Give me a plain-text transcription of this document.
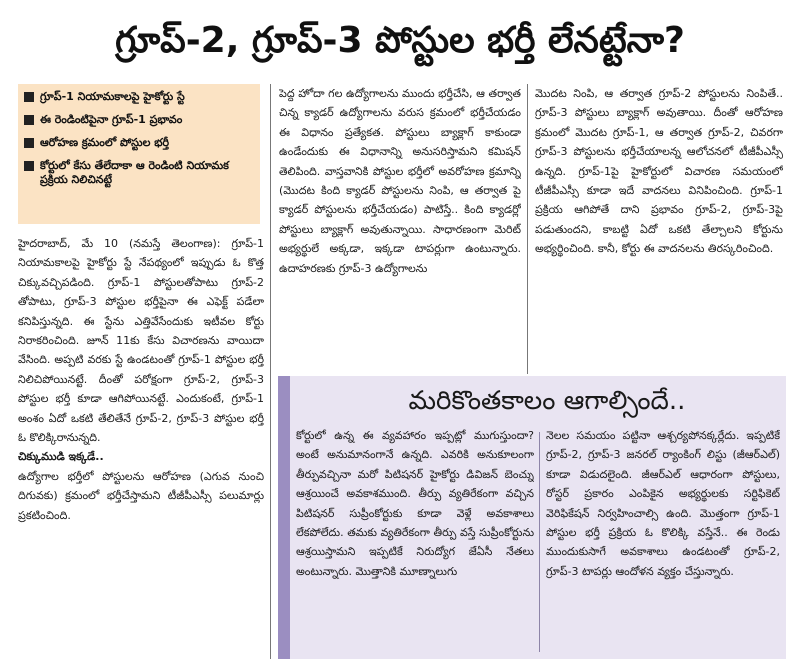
గ్రూప్-2, గ్రూప్-3 పోస్టుల భర్తీ లేనట్టేనా?
గ్రూప్-1 నియామకాలపై హైకోర్టు స్టే
ఈ రెండింటిపైనా గ్రూప్-1 ప్రభావం
ఆరోహణ క్రమంలో పోస్టుల భర్తీ
కోర్టులో కేసు తేలేదాకా ఆ రెండింటి నియామక ప్రక్రియ నిలిచినట్టే

హైదరాబాద్, మే 10 (నమస్తే తెలంగాణ): గ్రూప్-1 నియామకాలపై హైకోర్టు స్టే నేపథ్యంలో ఇప్పుడు ఓ కొత్త చిక్కువచ్చిపడింది. గ్రూప్-1 పోస్టులతోపాటు గ్రూప్-2 తోపాటు, గ్రూప్-3 పోస్టుల భర్తీపైనా ఈ ఎఫెక్ట్ పడేలా కనిపిస్తున్నది. ఈ స్టేను ఎత్తివేసేందుకు ఇటీవల కోర్టు నిరాకరించింది. జూన్ 11కు కేసు విచారణను వాయిదా వేసింది. అప్పటి వరకు స్టే ఉండటంతో గ్రూప్-1 పోస్టుల భర్తీ నిలిచిపోయినట్టే. దీంతో పరోక్షంగా గ్రూప్-2, గ్రూప్-3 పోస్టుల భర్తీ కూడా ఆగిపోయినట్టే. ఎందుకంటే, గ్రూప్-1 అంశం ఏదో ఒకటి తేలితేనే గ్రూప్-2, గ్రూప్-3 పోస్టుల భర్తీ ఓ కొలిక్కిరానున్నది.

చిక్కుముడి ఇక్కడే..

ఉద్యోగాల భర్తీలో పోస్టులను ఆరోహణ (ఎగువ నుంచి దిగువకు) క్రమంలో భర్తీచేస్తామని టీజీపీఎస్సీ పలుమార్లు ప్రకటించింది.

పెద్ద హోదా గల ఉద్యోగాలను ముందు భర్తీచేసి, ఆ తర్వాత చిన్న క్యాడర్ ఉద్యోగాలను వరుస క్రమంలో భర్తీచేయడం ఈ విధానం ప్రత్యేకత. పోస్టులు బ్యాక్లాగ్ కాకుండా ఉండేందుకు ఈ విధానాన్ని అనుసరిస్తామని కమిషన్ తెలిపింది. వాస్తవానికి పోస్టుల భర్తీలో అవరోహణ క్రమాన్ని (మొదట కింది క్యాడర్ పోస్టులను నింపి, ఆ తర్వాత పై క్యాడర్ పోస్టులను భర్తీచేయడం) పాటిస్తే.. కింది క్యాడర్లో పోస్టులు బ్యాక్లాగ్ అవుతున్నాయి. సాధారణంగా మెరిట్ అభ్యర్థులే అక్కడా, ఇక్కడా టాపర్లుగా ఉంటున్నారు. ఉదాహరణకు గ్రూప్-3 ఉద్యోగాలను

మొదట నింపి, ఆ తర్వాత గ్రూప్-2 పోస్టులను నింపితే.. గ్రూప్-3 పోస్టులు బ్యాక్లాగ్ అవుతాయి. దీంతో ఆరోహణ క్రమంలో మొదట గ్రూప్-1, ఆ తర్వాత గ్రూప్-2, చివరగా గ్రూప్-3 పోస్టులను భర్తీచేయాలన్న ఆలోచనలో టీజీపీఎస్సీ ఉన్నది. గ్రూప్-1పై హైకోర్టులో విచారణ సమయంలో టీజీపీఎస్సీ కూడా ఇదే వాదనలు వినిపించింది. గ్రూప్-1 ప్రక్రియ ఆగిపోతే దాని ప్రభావం గ్రూప్-2, గ్రూప్-3పై పడుతుందని, కాబట్టి ఏదో ఒకటి తేల్చాలని కోర్టును అభ్యర్థించింది. కానీ, కోర్టు ఈ వాదనలను తిరస్కరించింది.

మరికొంతకాలం ఆగాల్సిందే..

కోర్టులో ఉన్న ఈ వ్యవహారం ఇప్పట్లో ముగుస్తుందా? అంటే అనుమానంగానే ఉన్నది. ఎవరికి అనుకూలంగా తీర్పువచ్చినా మరో పిటిషనర్ హైకోర్టు డివిజన్ బెంచ్ను ఆశ్రయించే అవకాశముంది. తీర్పు వ్యతిరేకంగా వచ్చిన పిటిషనర్ సుప్రీంకోర్టుకు కూడా వెళ్లే అవకాశాలు లేకపోలేదు. తమకు వ్యతిరేకంగా తీర్పు వస్తే సుప్రీంకోర్టును ఆశ్రయిస్తామని ఇప్పటికే నిరుద్యోగ జేఏసీ నేతలు అంటున్నారు. మొత్తానికి మూణ్నాలుగు

నెలల సమయం పట్టినా ఆశ్చర్యపోనక్కర్లేదు. ఇప్పటికే గ్రూప్-2, గ్రూప్-3 జనరల్ ర్యాంకింగ్ లిస్టు (జీఆర్ఎల్) కూడా విడుదలైంది. జీఆర్ఎల్ ఆధారంగా పోస్టులు, రోస్టర్ ప్రకారం ఎంపికైన అభ్యర్థులకు సర్టిఫికెట్ వెరిఫికేషన్ నిర్వహించాల్సి ఉంది. మొత్తంగా గ్రూప్-1 పోస్టుల భర్తీ ప్రక్రియ ఓ కొలిక్కి వస్తేనే.. ఈ రెండు ముందుకుసాగే అవకాశాలు ఉండటంతో గ్రూప్-2, గ్రూప్-3 టాపర్లు ఆందోళన వ్యక్తం చేస్తున్నారు.
